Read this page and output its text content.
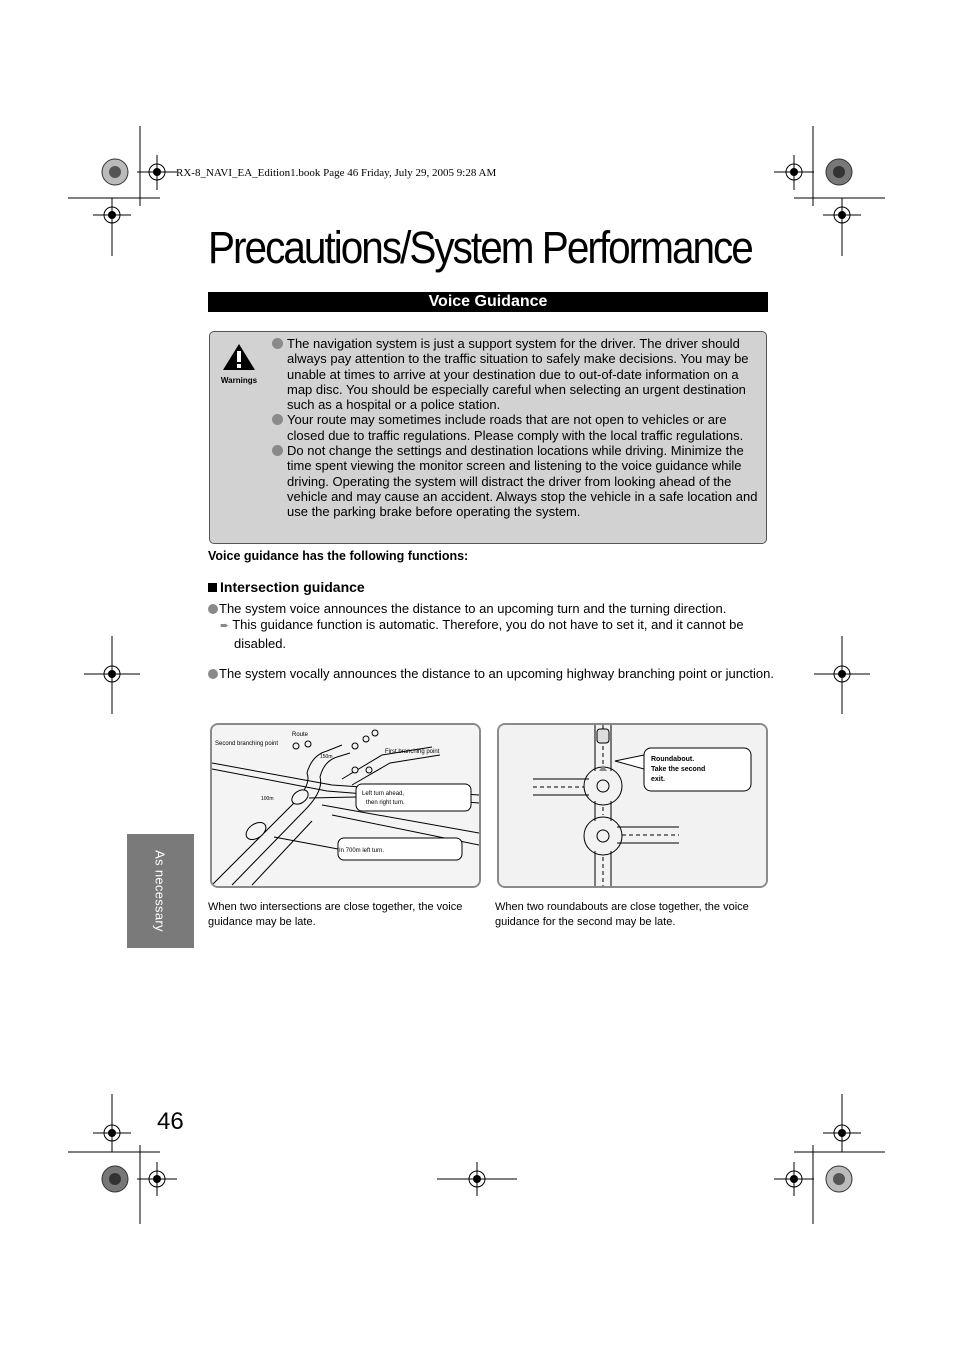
RX-8_NAVI_EA_Edition1.book Page 46 Friday, July 29, 2005 9:28 AM
Precautions/System Performance
Voice Guidance
Warnings
The navigation system is just a support system for the driver. The driver should always pay attention to the traffic situation to safely make decisions. You may be unable at times to arrive at your destination due to out-of-date information on a map disc. You should be especially careful when selecting an urgent destination such as a hospital or a police station.
Your route may sometimes include roads that are not open to vehicles or are closed due to traffic regulations. Please comply with the local traffic regulations.
Do not change the settings and destination locations while driving. Minimize the time spent viewing the monitor screen and listening to the voice guidance while driving. Operating the system will distract the driver from looking ahead of the vehicle and may cause an accident. Always stop the vehicle in a safe location and use the parking brake before operating the system.
Voice guidance has the following functions:
Intersection guidance
The system voice announces the distance to an upcoming turn and the turning direction.
➨ This guidance function is automatic. Therefore, you do not have to set it, and it cannot be disabled.
The system vocally announces the distance to an upcoming highway branching point or junction.
Route
Second branching point
First branching point
150m
100m
Left turn ahead,
then right turn.
In 700m left turn.
Roundabout.
Take the second
exit.
When two intersections are close together, the voice guidance may be late.
When two roundabouts are close together, the voice guidance for the second may be late.
As necessary
46
